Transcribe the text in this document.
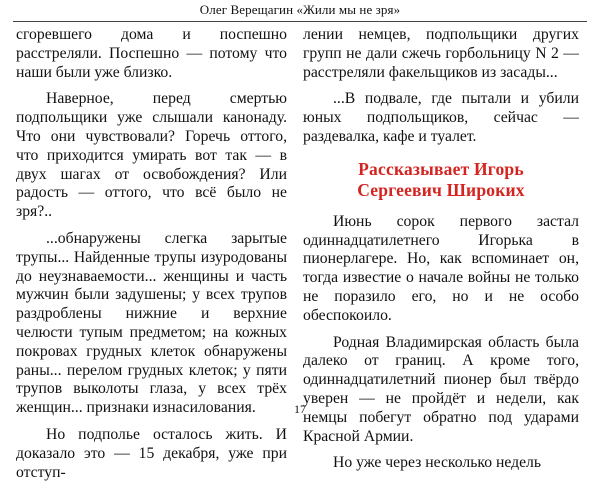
Олег Верещагин «Жили мы не зря»

сгоревшего дома и поспешно расстреляли. Поспешно — потому что наши были уже близко.

Наверное, перед смертью подпольщики уже слышали канонаду. Что они чувствовали? Горечь оттого, что приходится умирать вот так — в двух шагах от освобождения? Или радость — оттого, что всё было не зря?..

...обнаружены слегка зарытые трупы... Найденные трупы изуродованы до неузнаваемости... женщины и часть мужчин были задушены; у всех трупов раздроблены нижние и верхние челюсти тупым предметом; на кожных покровах грудных клеток обнаружены раны... перелом грудных клеток; у пяти трупов выколоты глаза, у всех трёх женщин... признаки изнасилования.

Но подполье осталось жить. И доказало это — 15 декабря, уже при отступ-

лении немцев, подпольщики других групп не дали сжечь горбольницу N 2 — расстреляли факельщиков из засады...

...В подвале, где пытали и убили юных подпольщиков, сейчас — раздевалка, кафе и туалет.

Рассказывает Игорь
Сергеевич Широких

Июнь сорок первого застал одиннадцатилетнего Игорька в пионерлагере. Но, как вспоминает он, тогда известие о начале войны не только не поразило его, но и не особо обеспокоило.

Родная Владимирская область была далеко от границ. А кроме того, одиннадцатилетний пионер был твёрдо уверен — не пройдёт и недели, как немцы побегут обратно под ударами Красной Армии.

Но уже через несколько недель

17
